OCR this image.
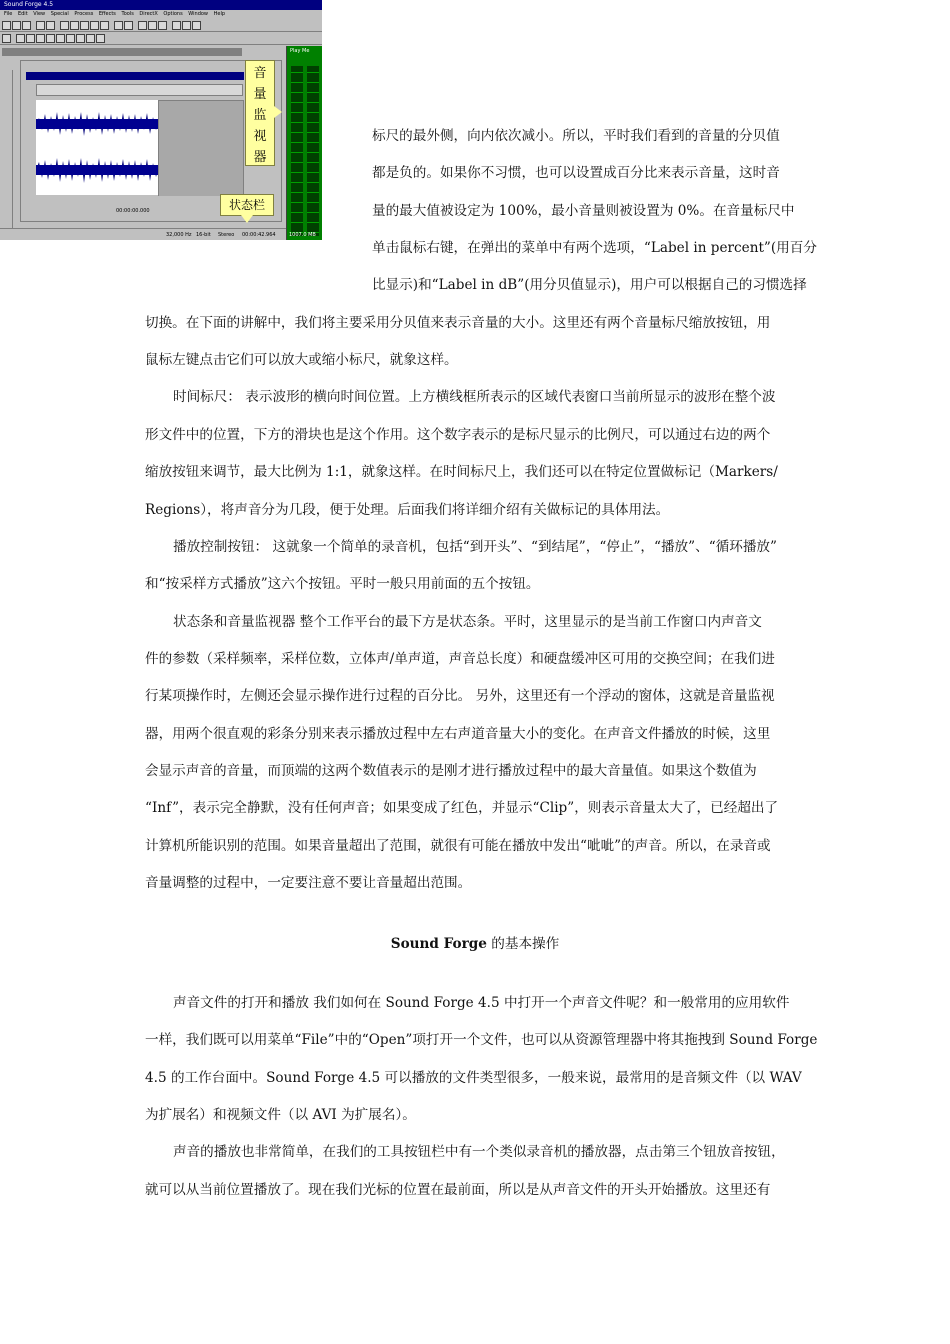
Sound Forge 4.5
File Edit View Special Process Effects Tools DirectX Options Window Help
00:00:00.000
32,000 Hz 16-bit Stereo 00:00:42.964
Play Me
1007.0 MB
音
量
监
视
器
状态栏
标尺的最外侧，向内依次减小。所以，平时我们看到的音量的分贝值
都是负的。如果你不习惯，也可以设置成百分比来表示音量，这时音
量的最大值被设定为 100%，最小音量则被设置为 0%。在音量标尺中
单击鼠标右键，在弹出的菜单中有两个选项，“Label in percent”(用百分
比显示)和“Label in dB”(用分贝值显示)，用户可以根据自己的习惯选择
切换。在下面的讲解中，我们将主要采用分贝值来表示音量的大小。这里还有两个音量标尺缩放按钮，用
鼠标左键点击它们可以放大或缩小标尺，就象这样。
时间标尺： 表示波形的横向时间位置。上方横线框所表示的区域代表窗口当前所显示的波形在整个波
形文件中的位置，下方的滑块也是这个作用。这个数字表示的是标尺显示的比例尺，可以通过右边的两个
缩放按钮来调节，最大比例为 1:1，就象这样。在时间标尺上，我们还可以在特定位置做标记（Markers/
Regions），将声音分为几段，便于处理。后面我们将详细介绍有关做标记的具体用法。
播放控制按钮： 这就象一个简单的录音机，包括“到开头”、“到结尾”，“停止”，“播放”、“循环播放”
和“按采样方式播放”这六个按钮。平时一般只用前面的五个按钮。
状态条和音量监视器 整个工作平台的最下方是状态条。平时，这里显示的是当前工作窗口内声音文
件的参数（采样频率，采样位数，立体声/单声道，声音总长度）和硬盘缓冲区可用的交换空间；在我们进
行某项操作时，左侧还会显示操作进行过程的百分比。 另外，这里还有一个浮动的窗体，这就是音量监视
器，用两个很直观的彩条分别来表示播放过程中左右声道音量大小的变化。在声音文件播放的时候，这里
会显示声音的音量，而顶端的这两个数值表示的是刚才进行播放过程中的最大音量值。如果这个数值为
“Inf”，表示完全静默，没有任何声音；如果变成了红色，并显示“Clip”，则表示音量太大了，已经超出了
计算机所能识别的范围。如果音量超出了范围，就很有可能在播放中发出“呲呲”的声音。所以，在录音或
音量调整的过程中，一定要注意不要让音量超出范围。
Sound Forge 的基本操作
声音文件的打开和播放 我们如何在 Sound Forge 4.5 中打开一个声音文件呢？和一般常用的应用软件
一样，我们既可以用菜单“File”中的“Open”项打开一个文件，也可以从资源管理器中将其拖拽到 Sound Forge
4.5 的工作台面中。Sound Forge 4.5 可以播放的文件类型很多，一般来说，最常用的是音频文件（以 WAV
为扩展名）和视频文件（以 AVI 为扩展名）。
声音的播放也非常简单，在我们的工具按钮栏中有一个类似录音机的播放器，点击第三个钮放音按钮，
就可以从当前位置播放了。现在我们光标的位置在最前面，所以是从声音文件的开头开始播放。这里还有
